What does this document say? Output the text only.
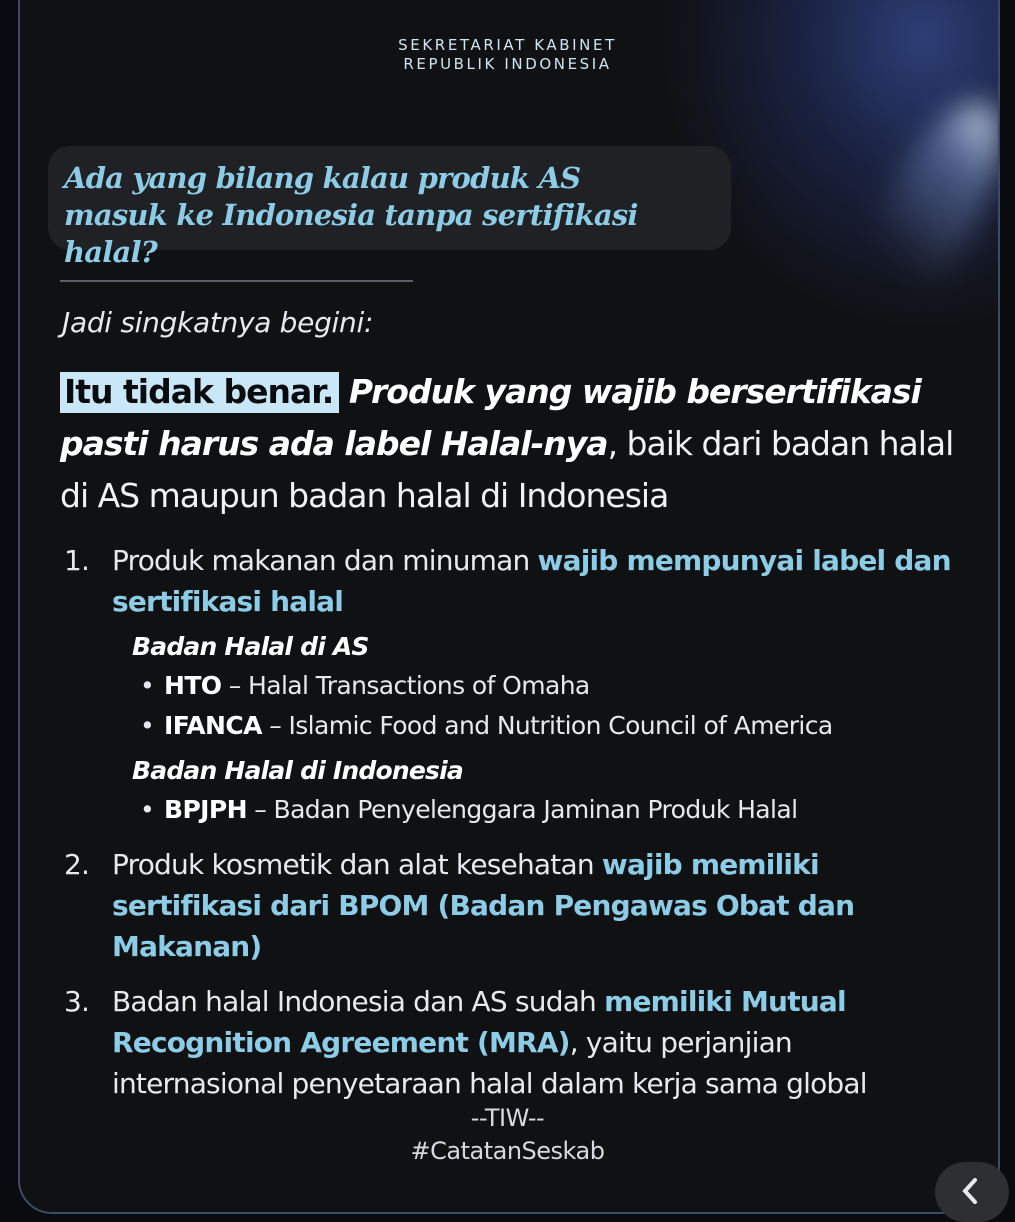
SEKRETARIAT KABINET
REPUBLIK INDONESIA
Ada yang bilang kalau produk AS
masuk ke Indonesia tanpa sertifikasi halal?
Jadi singkatnya begini:
Itu tidak benar. Produk yang wajib bersertifikasi pasti harus ada label Halal-nya, baik dari badan halal di AS maupun badan halal di Indonesia
1. Produk makanan dan minuman wajib mempunyai label dan sertifikasi halal
Badan Halal di AS
• HTO – Halal Transactions of Omaha
• IFANCA – Islamic Food and Nutrition Council of America
Badan Halal di Indonesia
• BPJPH – Badan Penyelenggara Jaminan Produk Halal
2. Produk kosmetik dan alat kesehatan wajib memiliki sertifikasi dari BPOM (Badan Pengawas Obat dan Makanan)
3. Badan halal Indonesia dan AS sudah memiliki Mutual Recognition Agreement (MRA), yaitu perjanjian internasional penyetaraan halal dalam kerja sama global
--TIW--
#CatatanSeskab
